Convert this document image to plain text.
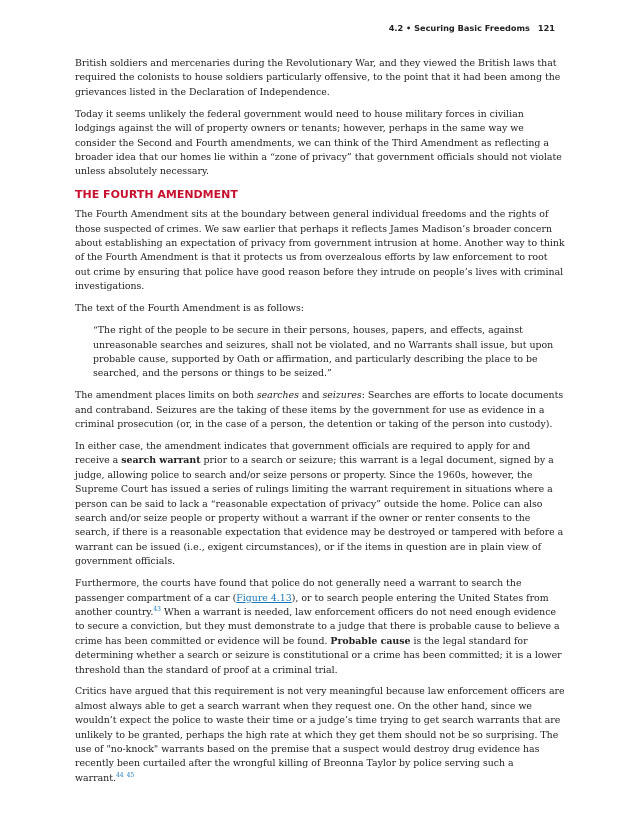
4.2 • Securing Basic Freedoms 121

British soldiers and mercenaries during the Revolutionary War, and they viewed the British laws that required the colonists to house soldiers particularly offensive, to the point that it had been among the grievances listed in the Declaration of Independence.

Today it seems unlikely the federal government would need to house military forces in civilian lodgings against the will of property owners or tenants; however, perhaps in the same way we consider the Second and Fourth amendments, we can think of the Third Amendment as reflecting a broader idea that our homes lie within a “zone of privacy” that government officials should not violate unless absolutely necessary.

THE FOURTH AMENDMENT

The Fourth Amendment sits at the boundary between general individual freedoms and the rights of those suspected of crimes. We saw earlier that perhaps it reflects James Madison’s broader concern about establishing an expectation of privacy from government intrusion at home. Another way to think of the Fourth Amendment is that it protects us from overzealous efforts by law enforcement to root out crime by ensuring that police have good reason before they intrude on people’s lives with criminal investigations.

The text of the Fourth Amendment is as follows:

“The right of the people to be secure in their persons, houses, papers, and effects, against unreasonable searches and seizures, shall not be violated, and no Warrants shall issue, but upon probable cause, supported by Oath or affirmation, and particularly describing the place to be searched, and the persons or things to be seized.”

The amendment places limits on both searches and seizures: Searches are efforts to locate documents and contraband. Seizures are the taking of these items by the government for use as evidence in a criminal prosecution (or, in the case of a person, the detention or taking of the person into custody).

In either case, the amendment indicates that government officials are required to apply for and receive a search warrant prior to a search or seizure; this warrant is a legal document, signed by a judge, allowing police to search and/or seize persons or property. Since the 1960s, however, the Supreme Court has issued a series of rulings limiting the warrant requirement in situations where a person can be said to lack a “reasonable expectation of privacy” outside the home. Police can also search and/or seize people or property without a warrant if the owner or renter consents to the search, if there is a reasonable expectation that evidence may be destroyed or tampered with before a warrant can be issued (i.e., exigent circumstances), or if the items in question are in plain view of government officials.

Furthermore, the courts have found that police do not generally need a warrant to search the passenger compartment of a car (Figure 4.13), or to search people entering the United States from another country.$^{43}$ When a warrant is needed, law enforcement officers do not need enough evidence to secure a conviction, but they must demonstrate to a judge that there is probable cause to believe a crime has been committed or evidence will be found. Probable cause is the legal standard for determining whether a search or seizure is constitutional or a crime has been committed; it is a lower threshold than the standard of proof at a criminal trial.

Critics have argued that this requirement is not very meaningful because law enforcement officers are almost always able to get a search warrant when they request one. On the other hand, since we wouldn’t expect the police to waste their time or a judge’s time trying to get search warrants that are unlikely to be granted, perhaps the high rate at which they get them should not be so surprising. The use of "no-knock" warrants based on the premise that a suspect would destroy drug evidence has recently been curtailed after the wrongful killing of Breonna Taylor by police serving such a warrant.$^{44}$ $^{45}$
